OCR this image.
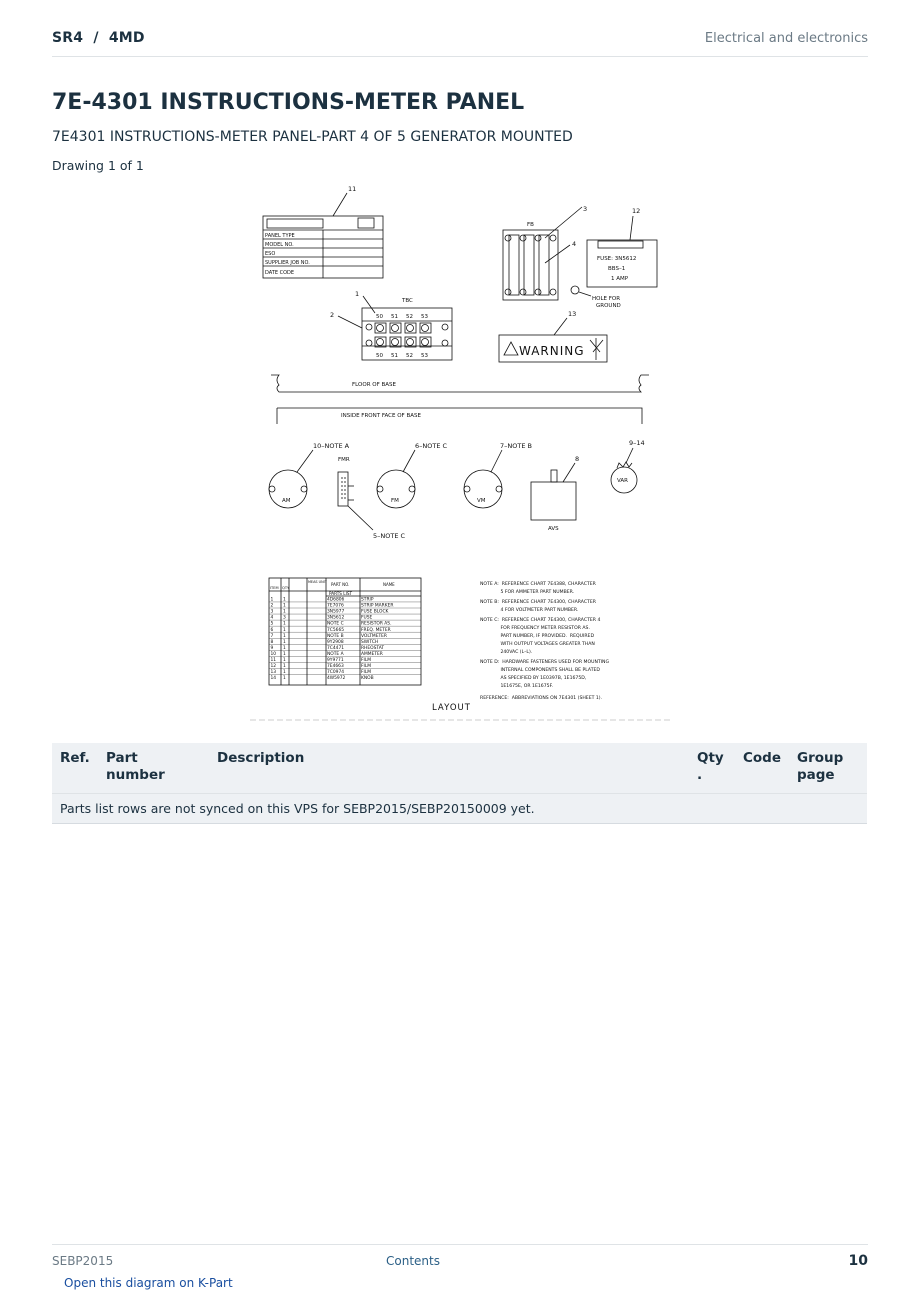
SR4  /  4MD	Electrical and electronics
7E-4301 INSTRUCTIONS-METER PANEL
7E4301 INSTRUCTIONS-METER PANEL-PART 4 OF 5 GENERATOR MOUNTED
Drawing 1 of 1
PANEL TYPE
MODEL NO.
ESO
SUPPLIER JOB NO.
DATE CODE
11
FB
3
4
12
FUSE: 3N5612
BBS–1
1 AMP
HOLE FOR
GROUND
TBC
50 51 52 53
50 51 52 53
1
2
WARNING
13
FLOOR OF BASE
INSIDE FRONT FACE OF BASE
AM
10–NOTE A
FMR
5–NOTE C
FM
6–NOTE C
VM
7–NOTE B
AVS
8
VAR
9–14
ITEM QTY
MEAS UNIT PART NO.	NAME
PARTS LIST
1 1	4D6806	STRIP
2 1	7E7076	STRIP MARKER
3 1	3N5977	FUSE BLOCK
4 3	3N5612	FUSE
5 1	NOTE C	RESISTOR AS.
6 1	7C5665	FREQ. METER
7 1	NOTE B	VOLTMETER
8 1	9Y2908	SWITCH
9 1	7C4471	RHEOSTAT
10 1	NOTE A	AMMETER
11 1	9Y9771	FILM
12 1	7E4663	FILM
13 1	7C0974	FILM
14 1	4W5972	KNOB
NOTE A:  REFERENCE CHART 7E4388, CHARACTER
5 FOR AMMETER PART NUMBER.
NOTE B:  REFERENCE CHART 7E4300, CHARACTER
4 FOR VOLTMETER PART NUMBER.
NOTE C:  REFERENCE CHART 7E4300, CHARACTER 4
FOR FREQUENCY METER RESISTOR AS.
PART NUMBER, IF PROVIDED.  REQUIRED
WITH OUTPUT VOLTAGES GREATER THAN
240VAC (L–L).
NOTE D:  HARDWARE FASTENERS USED FOR MOUNTING
INTERNAL COMPONENTS SHALL BE PLATED
AS SPECIFIED BY 1E0397B, 1E1675D,
1E1675E, OR 1E1675F.
REFERENCE:  ABBREVIATIONS ON 7E4301 (SHEET 1).
LAYOUT
Ref.	Part number	Description	Qty .	Code	Group page
Parts list rows are not synced on this VPS for SEBP2015/SEBP20150009 yet.
SEBP2015	Contents	10
Open this diagram on K-Part
